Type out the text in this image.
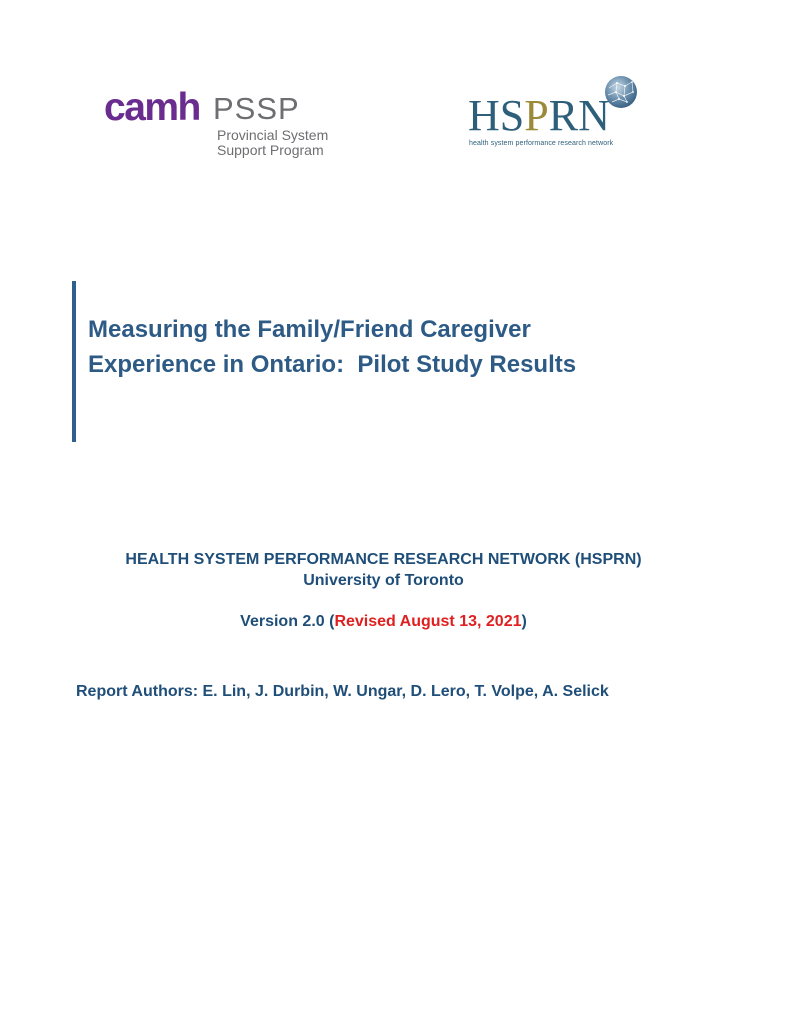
camh PSSP
Provincial System
Support Program
HSPRN
health system performance research network
Measuring the Family/Friend Caregiver
Experience in Ontario:  Pilot Study Results
HEALTH SYSTEM PERFORMANCE RESEARCH NETWORK (HSPRN)
University of Toronto
Version 2.0 (Revised August 13, 2021)
Report Authors: E. Lin, J. Durbin, W. Ungar, D. Lero, T. Volpe, A. Selick
